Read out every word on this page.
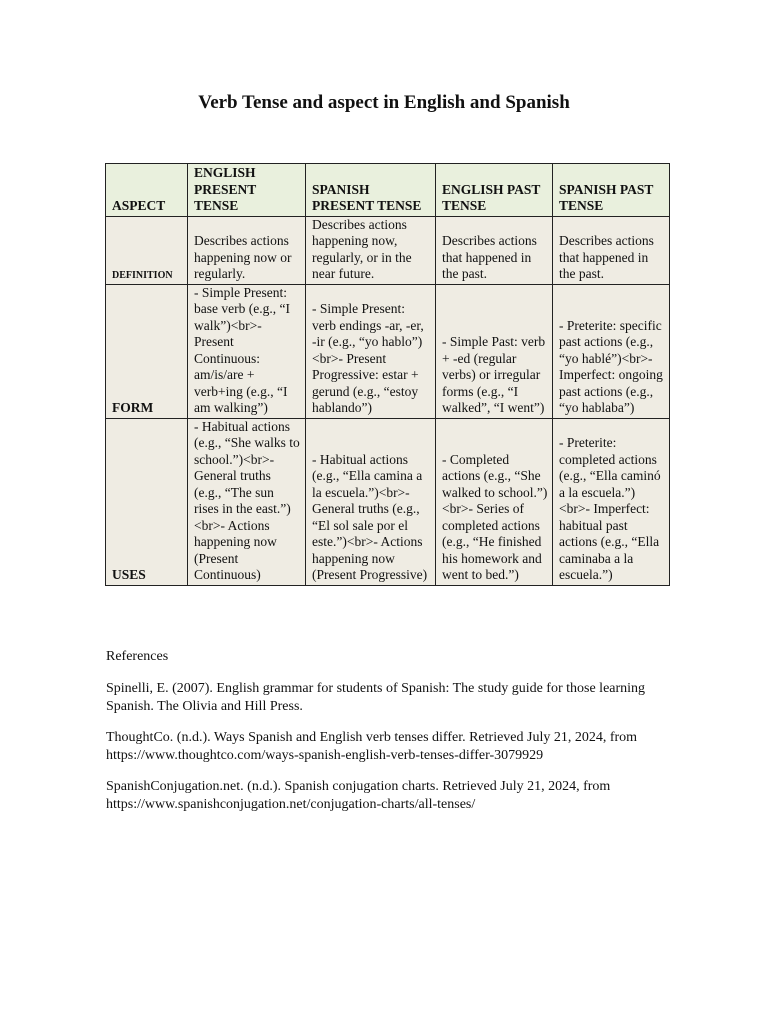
Verb Tense and aspect in English and Spanish
ASPECT	ENGLISH PRESENT TENSE	SPANISH PRESENT TENSE	ENGLISH PAST TENSE	SPANISH PAST TENSE
DEFINITION	Describes actions happening now or regularly.	Describes actions happening now, regularly, or in the near future.	Describes actions that happened in the past.	Describes actions that happened in the past.
FORM	- Simple Present: base verb (e.g., “I walk”)<br>- Present Continuous: am/is/are + verb+ing (e.g., “I am walking”)	- Simple Present: verb endings -ar, -er, -ir (e.g., “yo hablo”)<br>- Present Progressive: estar + gerund (e.g., “estoy hablando”)	- Simple Past: verb + -ed (regular verbs) or irregular forms (e.g., “I walked”, “I went”)	- Preterite: specific past actions (e.g., “yo hablé”)<br>- Imperfect: ongoing past actions (e.g., “yo hablaba”)
USES	- Habitual actions (e.g., “She walks to school.”)<br>- General truths (e.g., “The sun rises in the east.”)<br>- Actions happening now (Present Continuous)	- Habitual actions (e.g., “Ella camina a la escuela.”)<br>- General truths (e.g., “El sol sale por el este.”)<br>- Actions happening now (Present Progressive)	- Completed actions (e.g., “She walked to school.”)<br>- Series of completed actions (e.g., “He finished his homework and went to bed.”)	- Preterite: completed actions (e.g., “Ella caminó a la escuela.”)<br>- Imperfect: habitual past actions (e.g., “Ella caminaba a la escuela.”)

References

Spinelli, E. (2007). English grammar for students of Spanish: The study guide for those learning Spanish. The Olivia and Hill Press.

ThoughtCo. (n.d.). Ways Spanish and English verb tenses differ. Retrieved July 21, 2024, from https://www.thoughtco.com/ways-spanish-english-verb-tenses-differ-3079929

SpanishConjugation.net. (n.d.). Spanish conjugation charts. Retrieved July 21, 2024, from https://www.spanishconjugation.net/conjugation-charts/all-tenses/
